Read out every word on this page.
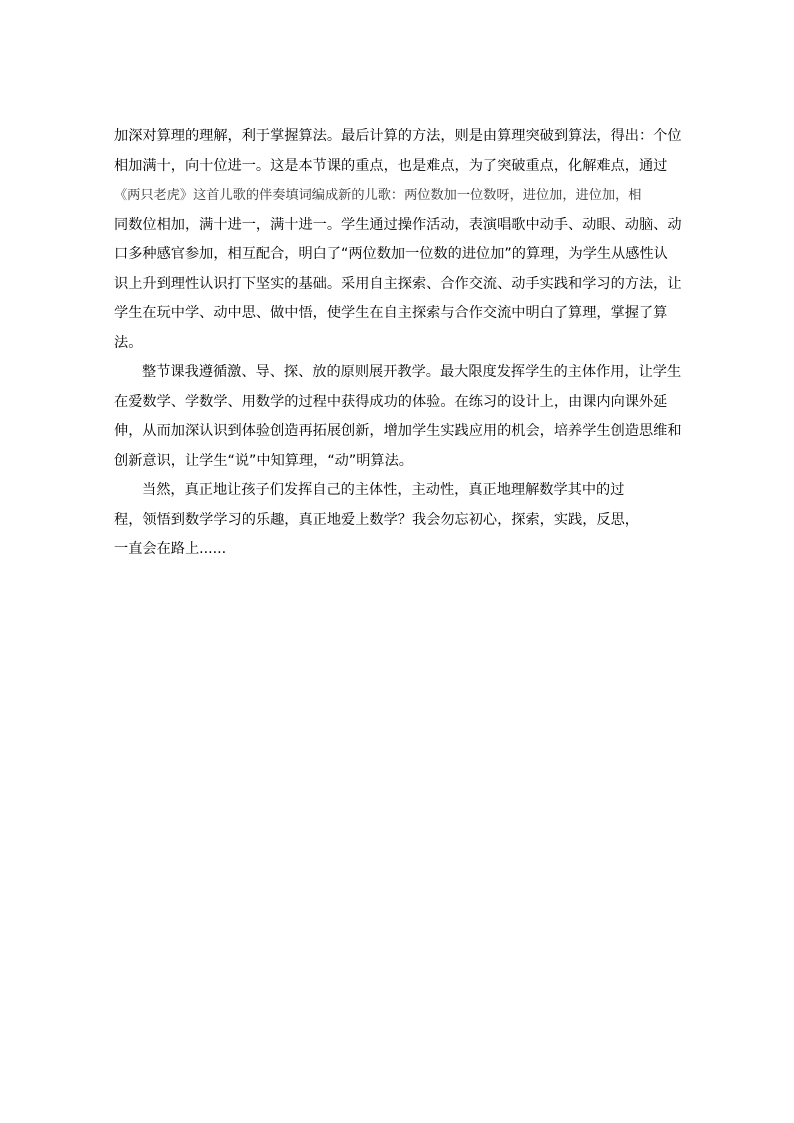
加深对算理的理解，利于掌握算法。最后计算的方法，则是由算理突破到算法，得出：个位
相加满十，向十位进一。这是本节课的重点，也是难点，为了突破重点，化解难点，通过
《两只老虎》这首儿歌的伴奏填词编成新的儿歌：两位数加一位数呀，进位加，进位加，相
同数位相加，满十进一，满十进一。学生通过操作活动，表演唱歌中动手、动眼、动脑、动
口多种感官参加，相互配合，明白了“两位数加一位数的进位加”的算理，为学生从感性认
识上升到理性认识打下坚实的基础。采用自主探索、合作交流、动手实践和学习的方法，让
学生在玩中学、动中思、做中悟，使学生在自主探索与合作交流中明白了算理，掌握了算
法。
整节课我遵循激、导、探、放的原则展开教学。最大限度发挥学生的主体作用，让学生
在爱数学、学数学、用数学的过程中获得成功的体验。在练习的设计上，由课内向课外延
伸，从而加深认识到体验创造再拓展创新，增加学生实践应用的机会，培养学生创造思维和
创新意识，让学生“说”中知算理，“动”明算法。
当然，真正地让孩子们发挥自己的主体性，主动性，真正地理解数学其中的过
程，领悟到数学学习的乐趣，真正地爱上数学？我会勿忘初心，探索，实践，反思，
一直会在路上......
